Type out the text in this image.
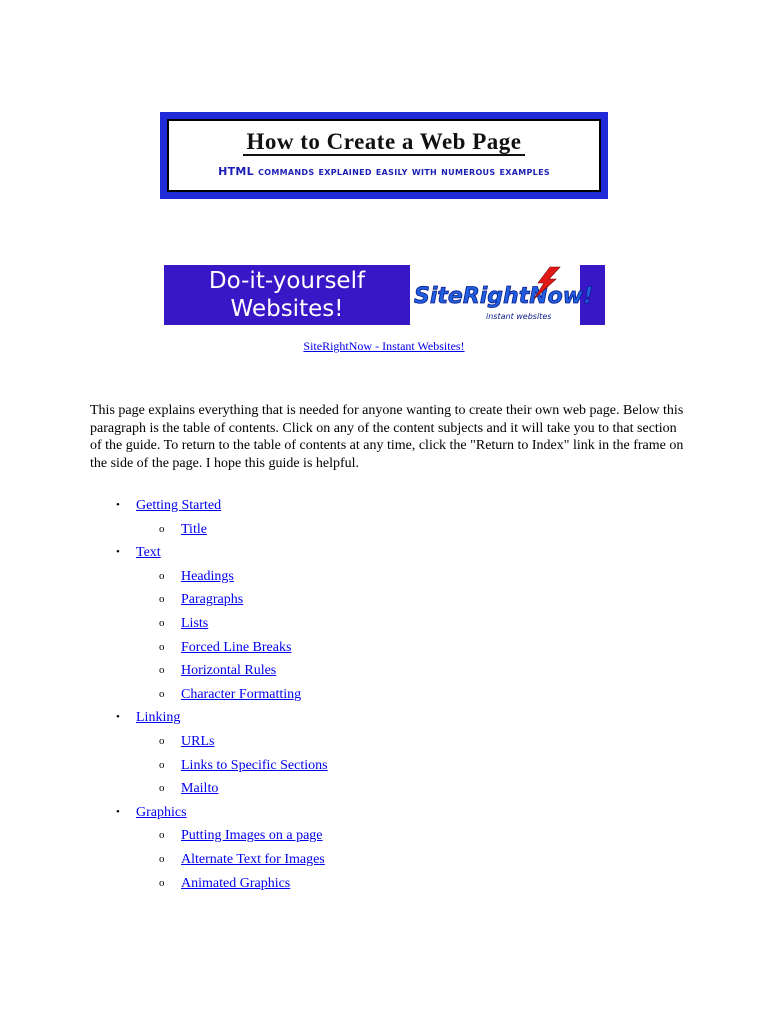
How to Create a Web Page
HTML commands explained easily with numerous examples
Do-it-yourself
Websites!	SiteRightNow!
instant websites
SiteRightNow - Instant Websites!

This page explains everything that is needed for anyone wanting to create their own web page. Below this paragraph is the table of contents. Click on any of the content subjects and it will take you to that section of the guide. To return to the table of contents at any time, click the "Return to Index" link in the frame on the side of the page. I hope this guide is helpful.

• Getting Started
o Title
• Text
o Headings
o Paragraphs
o Lists
o Forced Line Breaks
o Horizontal Rules
o Character Formatting
• Linking
o URLs
o Links to Specific Sections
o Mailto
• Graphics
o Putting Images on a page
o Alternate Text for Images
o Animated Graphics
